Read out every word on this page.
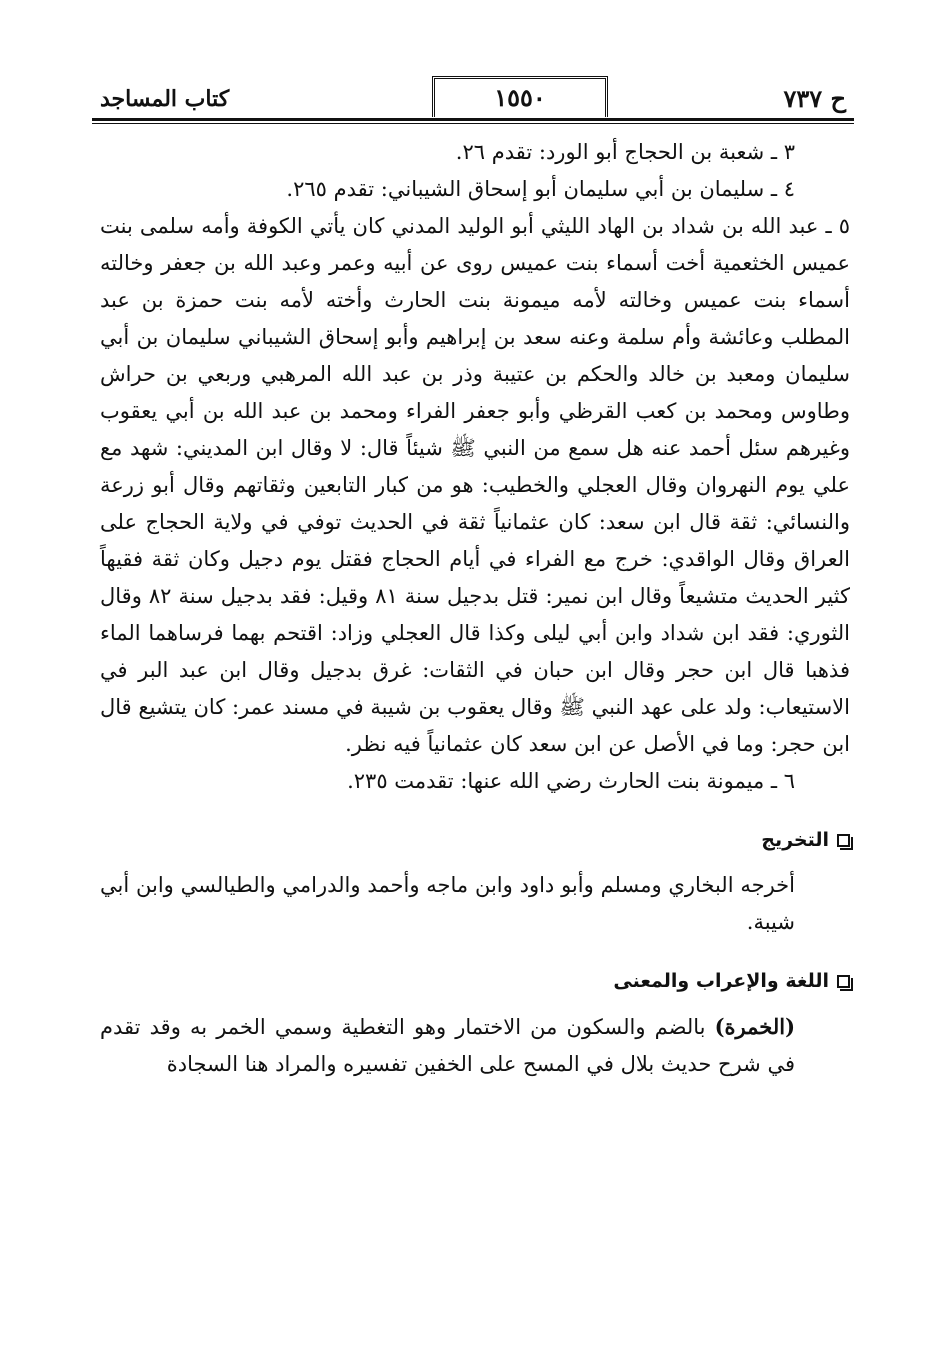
ح ٧٣٧
١٥٥٠
كتاب المساجد

٣ ـ شعبة بن الحجاج أبو الورد: تقدم ٢٦.

٤ ـ سليمان بن أبي سليمان أبو إسحاق الشيباني: تقدم ٢٦٥.

٥ ـ عبد الله بن شداد بن الهاد الليثي أبو الوليد المدني كان يأتي الكوفة وأمه سلمى بنت عميس الخثعمية أخت أسماء بنت عميس روى عن أبيه وعمر وعبد الله بن جعفر وخالته أسماء بنت عميس وخالته لأمه ميمونة بنت الحارث وأخته لأمه بنت حمزة بن عبد المطلب وعائشة وأم سلمة وعنه سعد بن إبراهيم وأبو إسحاق الشيباني سليمان بن أبي سليمان ومعبد بن خالد والحكم بن عتيبة وذر بن عبد الله المرهبي وربعي بن حراش وطاوس ومحمد بن كعب القرظي وأبو جعفر الفراء ومحمد بن عبد الله بن أبي يعقوب وغيرهم سئل أحمد عنه هل سمع من النبي ﷺ شيئاً قال: لا وقال ابن المديني: شهد مع علي يوم النهروان وقال العجلي والخطيب: هو من كبار التابعين وثقاتهم وقال أبو زرعة والنسائي: ثقة قال ابن سعد: كان عثمانياً ثقة في الحديث توفي في ولاية الحجاج على العراق وقال الواقدي: خرج مع الفراء في أيام الحجاج فقتل يوم دجيل وكان ثقة فقيهاً كثير الحديث متشيعاً وقال ابن نمير: قتل بدجيل سنة ٨١ وقيل: فقد بدجيل سنة ٨٢ وقال الثوري: فقد ابن شداد وابن أبي ليلى وكذا قال العجلي وزاد: اقتحم بهما فرساهما الماء فذهبا قال ابن حجر وقال ابن حبان في الثقات: غرق بدجيل وقال ابن عبد البر في الاستيعاب: ولد على عهد النبي ﷺ وقال يعقوب بن شيبة في مسند عمر: كان يتشيع قال ابن حجر: وما في الأصل عن ابن سعد كان عثمانياً فيه نظر.

٦ ـ ميمونة بنت الحارث رضي الله عنها: تقدمت ٢٣٥.

التخريج

أخرجه البخاري ومسلم وأبو داود وابن ماجه وأحمد والدرامي والطيالسي وابن أبي شيبة.

اللغة والإعراب والمعنى

(الخمرة) بالضم والسكون من الاختمار وهو التغطية وسمي الخمر به وقد تقدم في شرح حديث بلال في المسح على الخفين تفسيره والمراد هنا السجادة
